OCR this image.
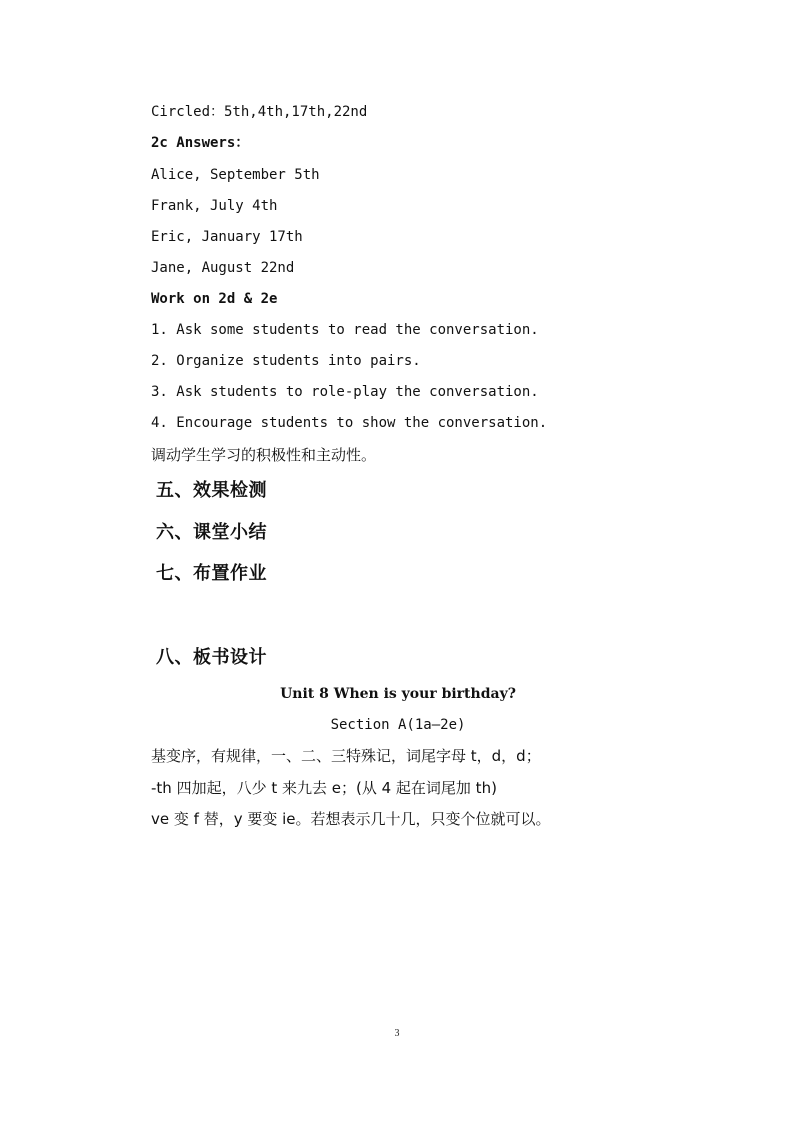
Circled：5th,4th,17th,22nd
2c Answers：
Alice, September 5th
Frank, July 4th
Eric, January 17th
Jane, August 22nd
Work on 2d & 2e
1. Ask some students to read the conversation.
2. Organize students into pairs.
3. Ask students to role-play the conversation.
4. Encourage students to show the conversation.
调动学生学习的积极性和主动性。
五、效果检测
六、课堂小结
七、布置作业
八、板书设计
Unit 8 When is your birthday?
Section A(1a–2e)
基变序，有规律，一、二、三特殊记，词尾字母 t，d，d；
-th 四加起，八少 t 来九去 e；(从 4 起在词尾加 th)
ve 变 f 替，y 要变 ie。若想表示几十几，只变个位就可以。
3
